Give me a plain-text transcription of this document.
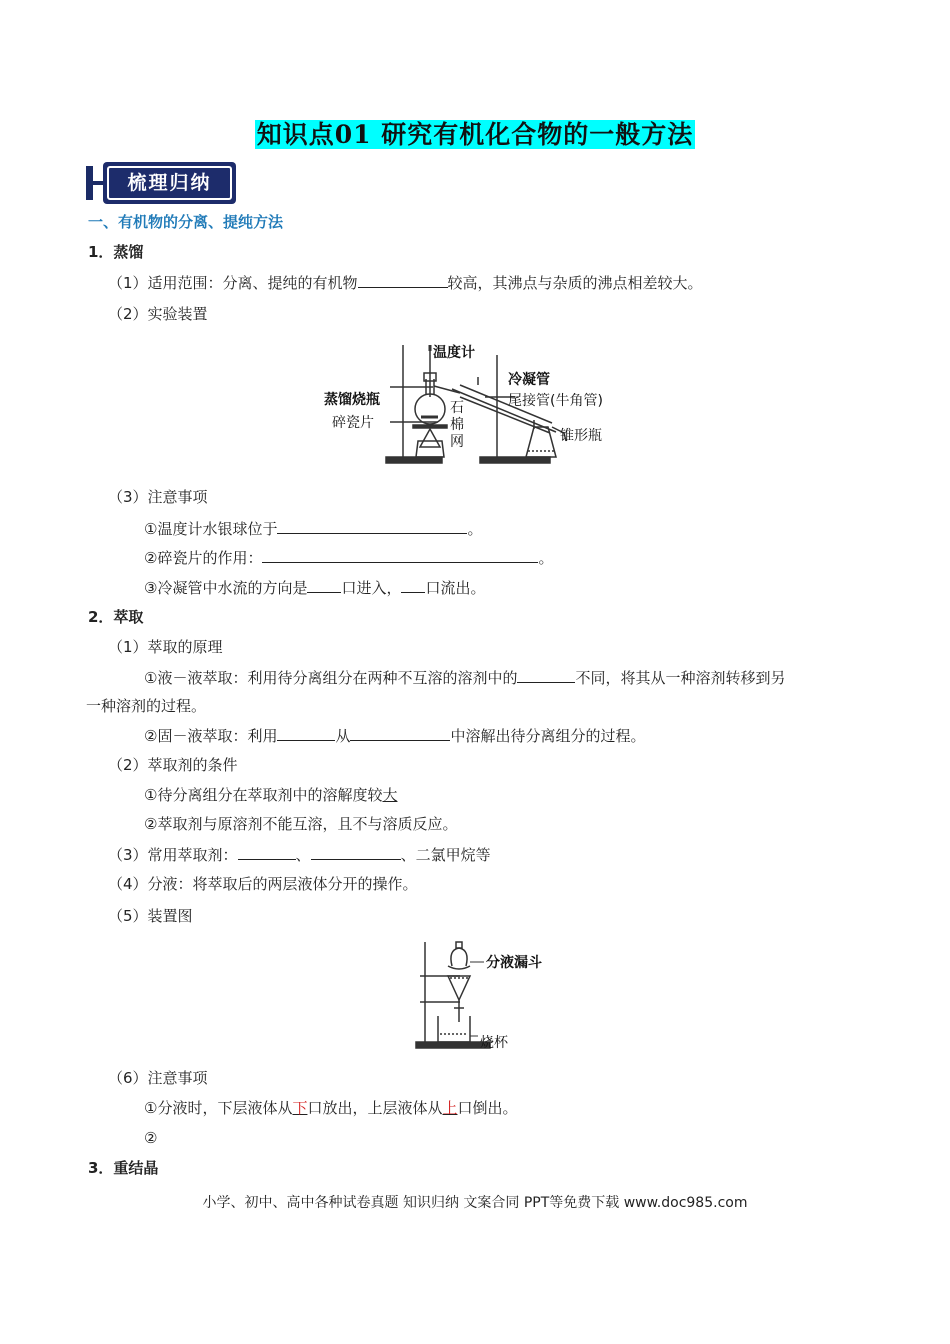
知识点01 研究有机化合物的一般方法
梳理归纳
一、有机物的分离、提纯方法
1．蒸馏
（1）适用范围：分离、提纯的有机物	较高，其沸点与杂质的沸点相差较大。
（2）实验装置
温度计
冷凝管
蒸馏烧瓶	尾接管(牛角管)
碎瓷片
石
棉
网	锥形瓶
（3）注意事项
①温度计水银球位于	。
②碎瓷片的作用：	。
③冷凝管中水流的方向是 口进入， 口流出。
2．萃取
（1）萃取的原理
①液－液萃取：利用待分离组分在两种不互溶的溶剂中的	不同，将其从一种溶剂转移到另
一种溶剂的过程。
②固－液萃取：利用	从	中溶解出待分离组分的过程。
（2）萃取剂的条件
①待分离组分在萃取剂中的溶解度较大
②萃取剂与原溶剂不能互溶，且不与溶质反应。
（3）常用萃取剂：	、	、二氯甲烷等
（4）分液：将萃取后的两层液体分开的操作。
（5）装置图
分液漏斗
烧杯
（6）注意事项
①分液时，下层液体从下口放出，上层液体从上口倒出。
②
3．重结晶
小学、初中、高中各种试卷真题 知识归纳 文案合同 PPT等免费下载 www.doc985.com
